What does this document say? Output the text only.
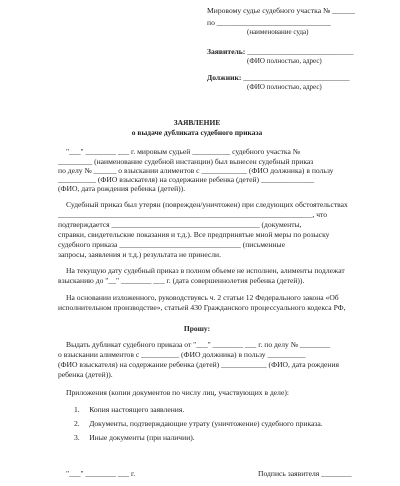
Мировому судье судебного участка № ______
по ______________________________
(наименование суда)
Заявитель: ____________________________
(ФИО полностью, адрес)
Должник: ____________________________
(ФИО полностью, адрес)
ЗАЯВЛЕНИЕ
о выдаче дубликата судебного приказа
"___" ________ ___ г. мировым судьей __________ судебного участка №
_________ (наименование судебной инстанции) был вынесен судебный приказ
по делу № ______ о взыскании алиментов с ____________ (ФИО должника) в пользу
__________ (ФИО взыскателя) на содержание ребенка (детей) ______________
(ФИО, дата рождения ребенка (детей)).
Судебный приказ был утерян (поврежден/уничтожен) при следующих обстоятельствах
___________________________________________________________________, что
подтверждается _______________________________________ (документы,
справки, свидетельские показания и т.д.). Все предпринятые мной меры по розыску
судебного приказа ________________________________ (письменные
запросы, заявления и т.д.) результата не принесли.
На текущую дату судебный приказ в полном объеме не исполнен, алименты подлежат
взысканию до "__" ________ ___ г. (дата совершеннолетия ребенка (детей)).
На основании изложенного, руководствуясь ч. 2 статьи 12 Федерального закона «Об
исполнительном производстве», статьей 430 Гражданского процессуального кодекса РФ,
Прошу:
Выдать дубликат судебного приказа от "___" ________ ___ г. по делу № ________
о взыскании алиментов с __________ (ФИО должника) в пользу __________
(ФИО взыскателя) на содержание ребенка (детей) ____________ (ФИО, дата рождения
ребенка (детей)).
Приложения (копии документов по числу лиц, участвующих в деле):
1.     Копия настоящего заявления.
2.     Документы, подтверждающие утрату (уничтожение) судебного приказа.
3.     Иные документы (при наличии).
"___" ________ ___ г.	Подпись заявителя ________
